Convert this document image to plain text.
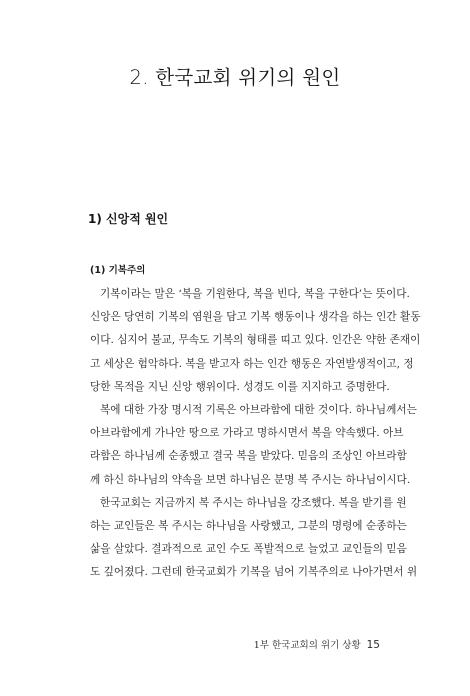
2. 한국교회 위기의 원인
1) 신앙적 원인
(1) 기복주의
기복이라는 말은 ‘복을 기원한다, 복을 빈다, 복을 구한다’는 뜻이다.
신앙은 당연히 기복의 염원을 담고 기복 행동이나 생각을 하는 인간 활동
이다. 심지어 불교, 무속도 기복의 형태를 띠고 있다. 인간은 약한 존재이
고 세상은 험악하다. 복을 받고자 하는 인간 행동은 자연발생적이고, 정
당한 목적을 지닌 신앙 행위이다. 성경도 이를 지지하고 증명한다.
복에 대한 가장 명시적 기록은 아브라함에 대한 것이다. 하나님께서는
아브라함에게 가나안 땅으로 가라고 명하시면서 복을 약속했다. 아브
라함은 하나님께 순종했고 결국 복을 받았다. 믿음의 조상인 아브라함
께 하신 하나님의 약속을 보면 하나님은 분명 복 주시는 하나님이시다.
한국교회는 지금까지 복 주시는 하나님을 강조했다. 복을 받기를 원
하는 교인들은 복 주시는 하나님을 사랑했고, 그분의 명령에 순종하는
삶을 살았다. 결과적으로 교인 수도 폭발적으로 늘었고 교인들의 믿음
도 깊어졌다. 그런데 한국교회가 기복을 넘어 기복주의로 나아가면서 위
1부 한국교회의 위기 상황 15
